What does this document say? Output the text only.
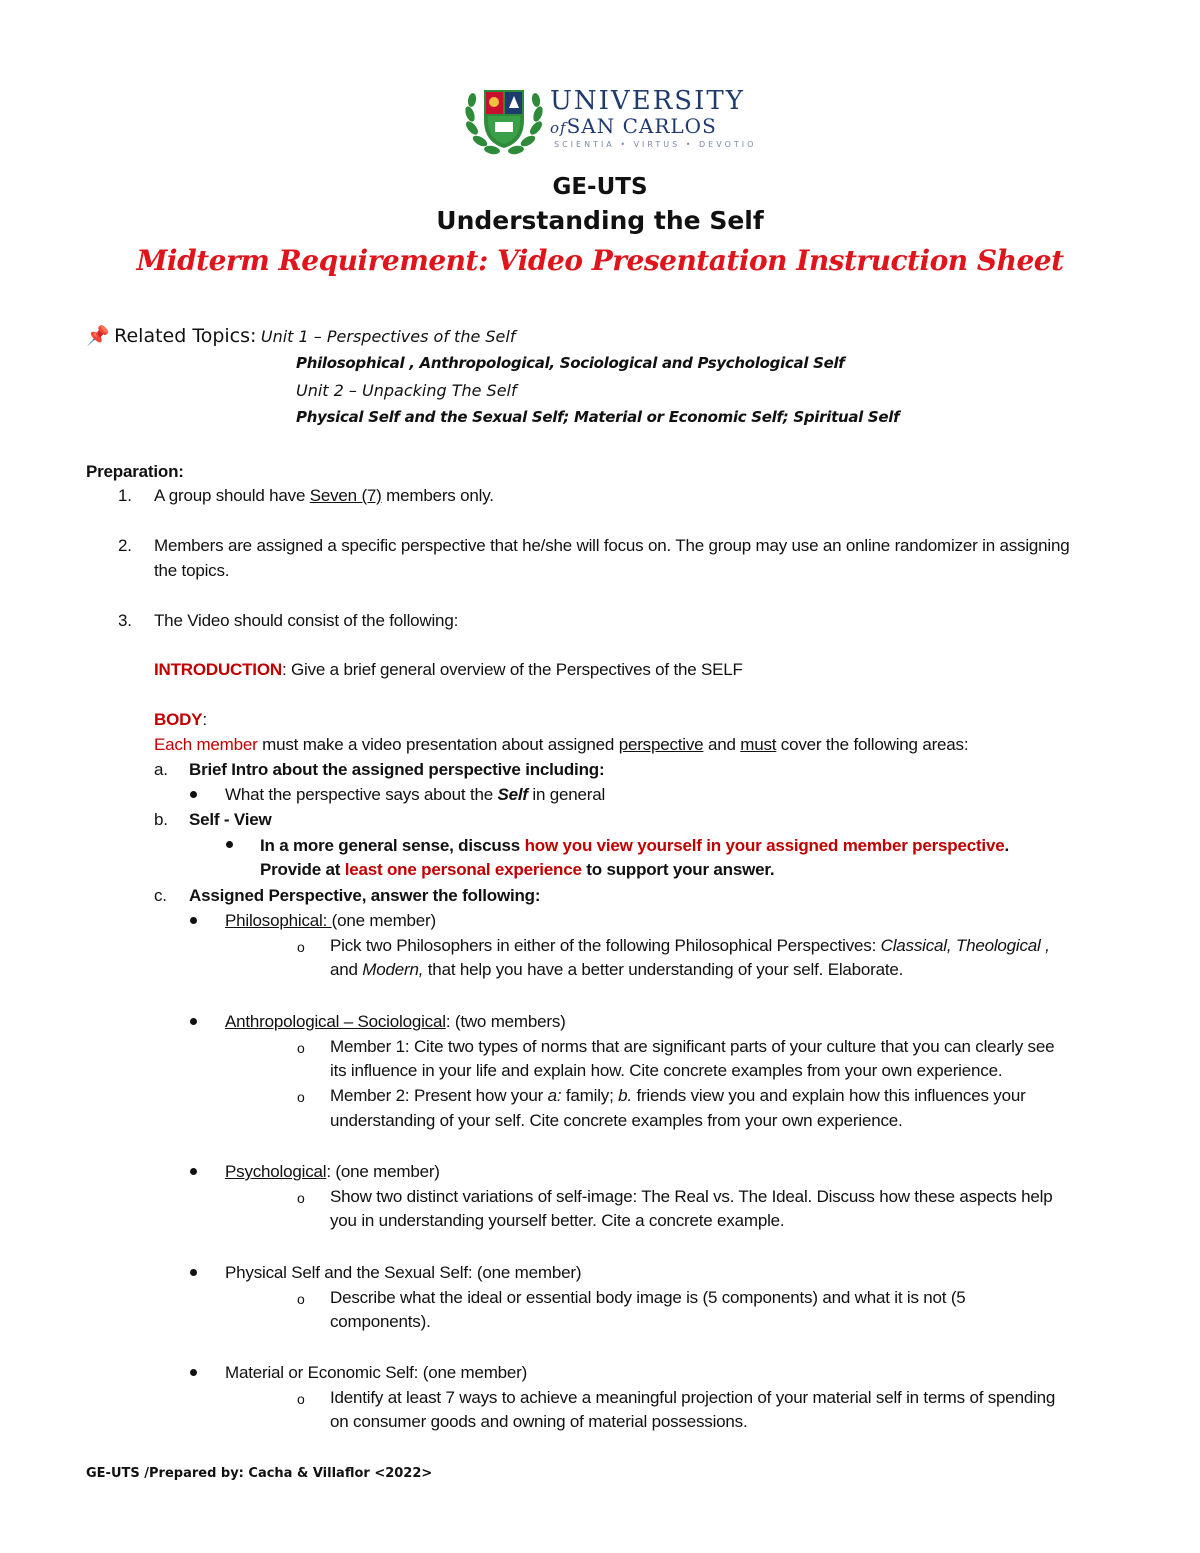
UNIVERSITY
ofSAN CARLOS
SCIENTIA • VIRTUS • DEVOTIO
GE-UTS
Understanding the Self
Midterm Requirement: Video Presentation Instruction Sheet
📌 Related Topics: Unit 1 – Perspectives of the Self
Philosophical , Anthropological, Sociological and Psychological Self
Unit 2 – Unpacking The Self
Physical Self and the Sexual Self; Material or Economic Self; Spiritual Self
Preparation:
1. A group should have Seven (7) members only.
2. Members are assigned a specific perspective that he/she will focus on. The group may use an online randomizer in assigning
the topics.
3. The Video should consist of the following:
INTRODUCTION: Give a brief general overview of the Perspectives of the SELF
BODY:
Each member must make a video presentation about assigned perspective and must cover the following areas:
a. Brief Intro about the assigned perspective including:
What the perspective says about the Self in general
b. Self - View
In a more general sense, discuss how you view yourself in your assigned member perspective.
Provide at least one personal experience to support your answer.
c. Assigned Perspective, answer the following:
Philosophical: (one member)
o Pick two Philosophers in either of the following Philosophical Perspectives: Classical, Theological ,
and Modern, that help you have a better understanding of your self. Elaborate.
Anthropological – Sociological: (two members)
o Member 1: Cite two types of norms that are significant parts of your culture that you can clearly see
its influence in your life and explain how. Cite concrete examples from your own experience.
o Member 2: Present how your a: family; b. friends view you and explain how this influences your
understanding of your self. Cite concrete examples from your own experience.
Psychological: (one member)
o Show two distinct variations of self-image: The Real vs. The Ideal. Discuss how these aspects help
you in understanding yourself better. Cite a concrete example.
Physical Self and the Sexual Self: (one member)
o Describe what the ideal or essential body image is (5 components) and what it is not (5
components).
Material or Economic Self: (one member)
o Identify at least 7 ways to achieve a meaningful projection of your material self in terms of spending
on consumer goods and owning of material possessions.
GE-UTS /Prepared by: Cacha & Villaflor <2022>
